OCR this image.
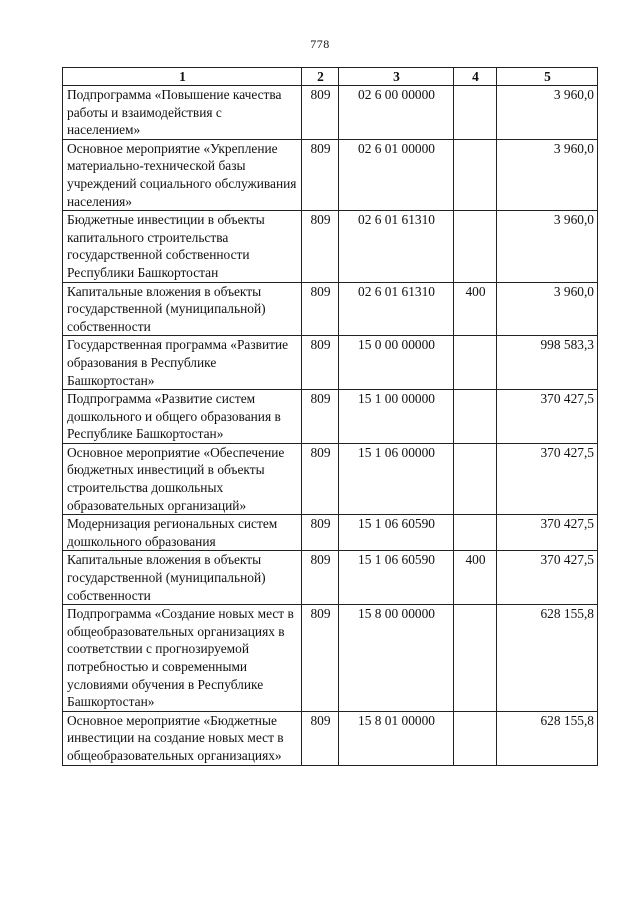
778
1	2	3	4	5
Подпрограмма «Повышение качества работы и взаимодействия с населением»	809	02 6 00 00000		3 960,0
Основное мероприятие «Укрепление материально-технической базы учреждений социального обслуживания населения»	809	02 6 01 00000		3 960,0
Бюджетные инвестиции в объекты капитального строительства государственной собственности Республики Башкортостан	809	02 6 01 61310		3 960,0
Капитальные вложения в объекты государственной (муниципальной) собственности	809	02 6 01 61310	400	3 960,0
Государственная программа «Развитие образования в Республике Башкортостан»	809	15 0 00 00000		998 583,3
Подпрограмма «Развитие систем дошкольного и общего образования в Республике Башкортостан»	809	15 1 00 00000		370 427,5
Основное мероприятие «Обеспечение бюджетных инвестиций в объекты строительства дошкольных образовательных организаций»	809	15 1 06 00000		370 427,5
Модернизация региональных систем дошкольного образования	809	15 1 06 60590		370 427,5
Капитальные вложения в объекты государственной (муниципальной) собственности	809	15 1 06 60590	400	370 427,5
Подпрограмма «Создание новых мест в общеобразовательных организациях в соответствии с прогнозируемой потребностью и современными условиями обучения в Республике Башкортостан»	809	15 8 00 00000		628 155,8
Основное мероприятие «Бюджетные инвестиции на создание новых мест в общеобразовательных организациях»	809	15 8 01 00000		628 155,8
